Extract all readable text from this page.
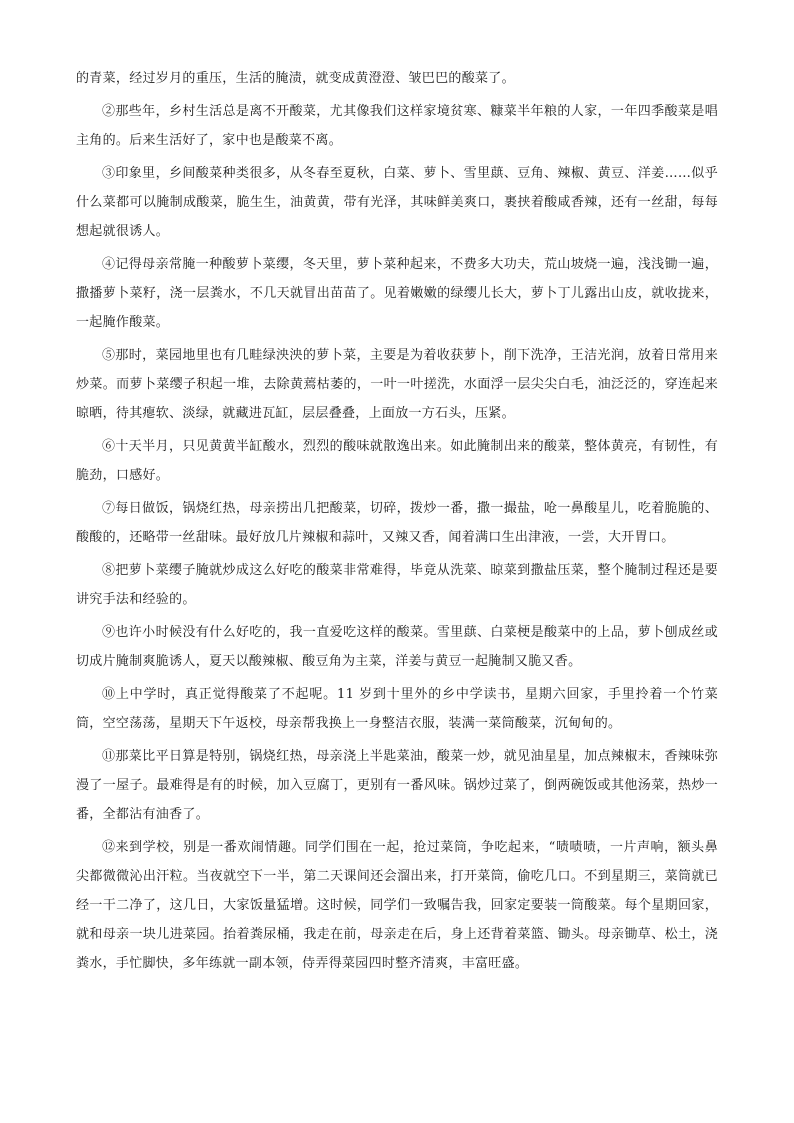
的青菜，经过岁月的重压，生活的腌渍，就变成黄澄澄、皱巴巴的酸菜了。

②那些年，乡村生活总是离不开酸菜，尤其像我们这样家境贫寒、糠菜半年粮的人家，一年四季酸菜是唱主角的。后来生活好了，家中也是酸菜不离。

③印象里，乡间酸菜种类很多，从冬春至夏秋，白菜、萝卜、雪里蕻、豆角、辣椒、黄豆、洋姜……似乎什么菜都可以腌制成酸菜，脆生生，油黄黄，带有光泽，其味鲜美爽口，裹挟着酸咸香辣，还有一丝甜，每每想起就很诱人。

④记得母亲常腌一种酸萝卜菜缨，冬天里，萝卜菜种起来，不费多大功夫，荒山坡烧一遍，浅浅锄一遍，撒播萝卜菜籽，浇一层粪水，不几天就冒出苗苗了。见着嫩嫩的绿缨儿长大，萝卜丁儿露出山皮，就收拢来，一起腌作酸菜。

⑤那时，菜园地里也有几畦绿泱泱的萝卜菜，主要是为着收获萝卜，削下洗净，王洁光润，放着日常用来炒菜。而萝卜菜缨子积起一堆，去除黄蔫枯萎的，一叶一叶搓洗，水面浮一层尖尖白毛，油泛泛的，穿连起来晾晒，待其瘪软、淡绿，就藏进瓦缸，层层叠叠，上面放一方石头，压紧。

⑥十天半月，只见黄黄半缸酸水，烈烈的酸味就散逸出来。如此腌制出来的酸菜，整体黄亮，有韧性，有脆劲，口感好。

⑦每日做饭，锅烧红热，母亲捞出几把酸菜，切碎，拨炒一番，撒一撮盐，呛一鼻酸星儿，吃着脆脆的、酸酸的，还略带一丝甜味。最好放几片辣椒和蒜叶，又辣又香，闻着满口生出津液，一尝，大开胃口。

⑧把萝卜菜缨子腌就炒成这么好吃的酸菜非常难得，毕竟从洗菜、晾菜到撒盐压菜，整个腌制过程还是要讲究手法和经验的。

⑨也许小时候没有什么好吃的，我一直爱吃这样的酸菜。雪里蕻、白菜梗是酸菜中的上品，萝卜刨成丝或切成片腌制爽脆诱人，夏天以酸辣椒、酸豆角为主菜，洋姜与黄豆一起腌制又脆又香。

⑩上中学时，真正觉得酸菜了不起呢。11 岁到十里外的乡中学读书，星期六回家，手里拎着一个竹菜筒，空空荡荡，星期天下午返校，母亲帮我换上一身整洁衣服，装满一菜筒酸菜，沉甸甸的。

⑪那菜比平日算是特别，锅烧红热，母亲浇上半匙菜油，酸菜一炒，就见油星星，加点辣椒末，香辣味弥漫了一屋子。最难得是有的时候，加入豆腐丁，更别有一番风味。锅炒过菜了，倒两碗饭或其他汤菜，热炒一番，全都沾有油香了。

⑫来到学校，别是一番欢闹情趣。同学们围在一起，抢过菜筒，争吃起来，“啧啧啧，一片声响，额头鼻尖都微微沁出汗粒。当夜就空下一半，第二天课间还会溜出来，打开菜筒，偷吃几口。不到星期三，菜筒就已经一干二净了，这几日，大家饭量猛增。这时候，同学们一致嘱告我，回家定要装一筒酸菜。每个星期回家，就和母亲一块儿进菜园。抬着粪尿桶，我走在前，母亲走在后，身上还背着菜篮、锄头。母亲锄草、松土，浇粪水，手忙脚快，多年练就一副本领，侍弄得菜园四时整齐清爽，丰富旺盛。
